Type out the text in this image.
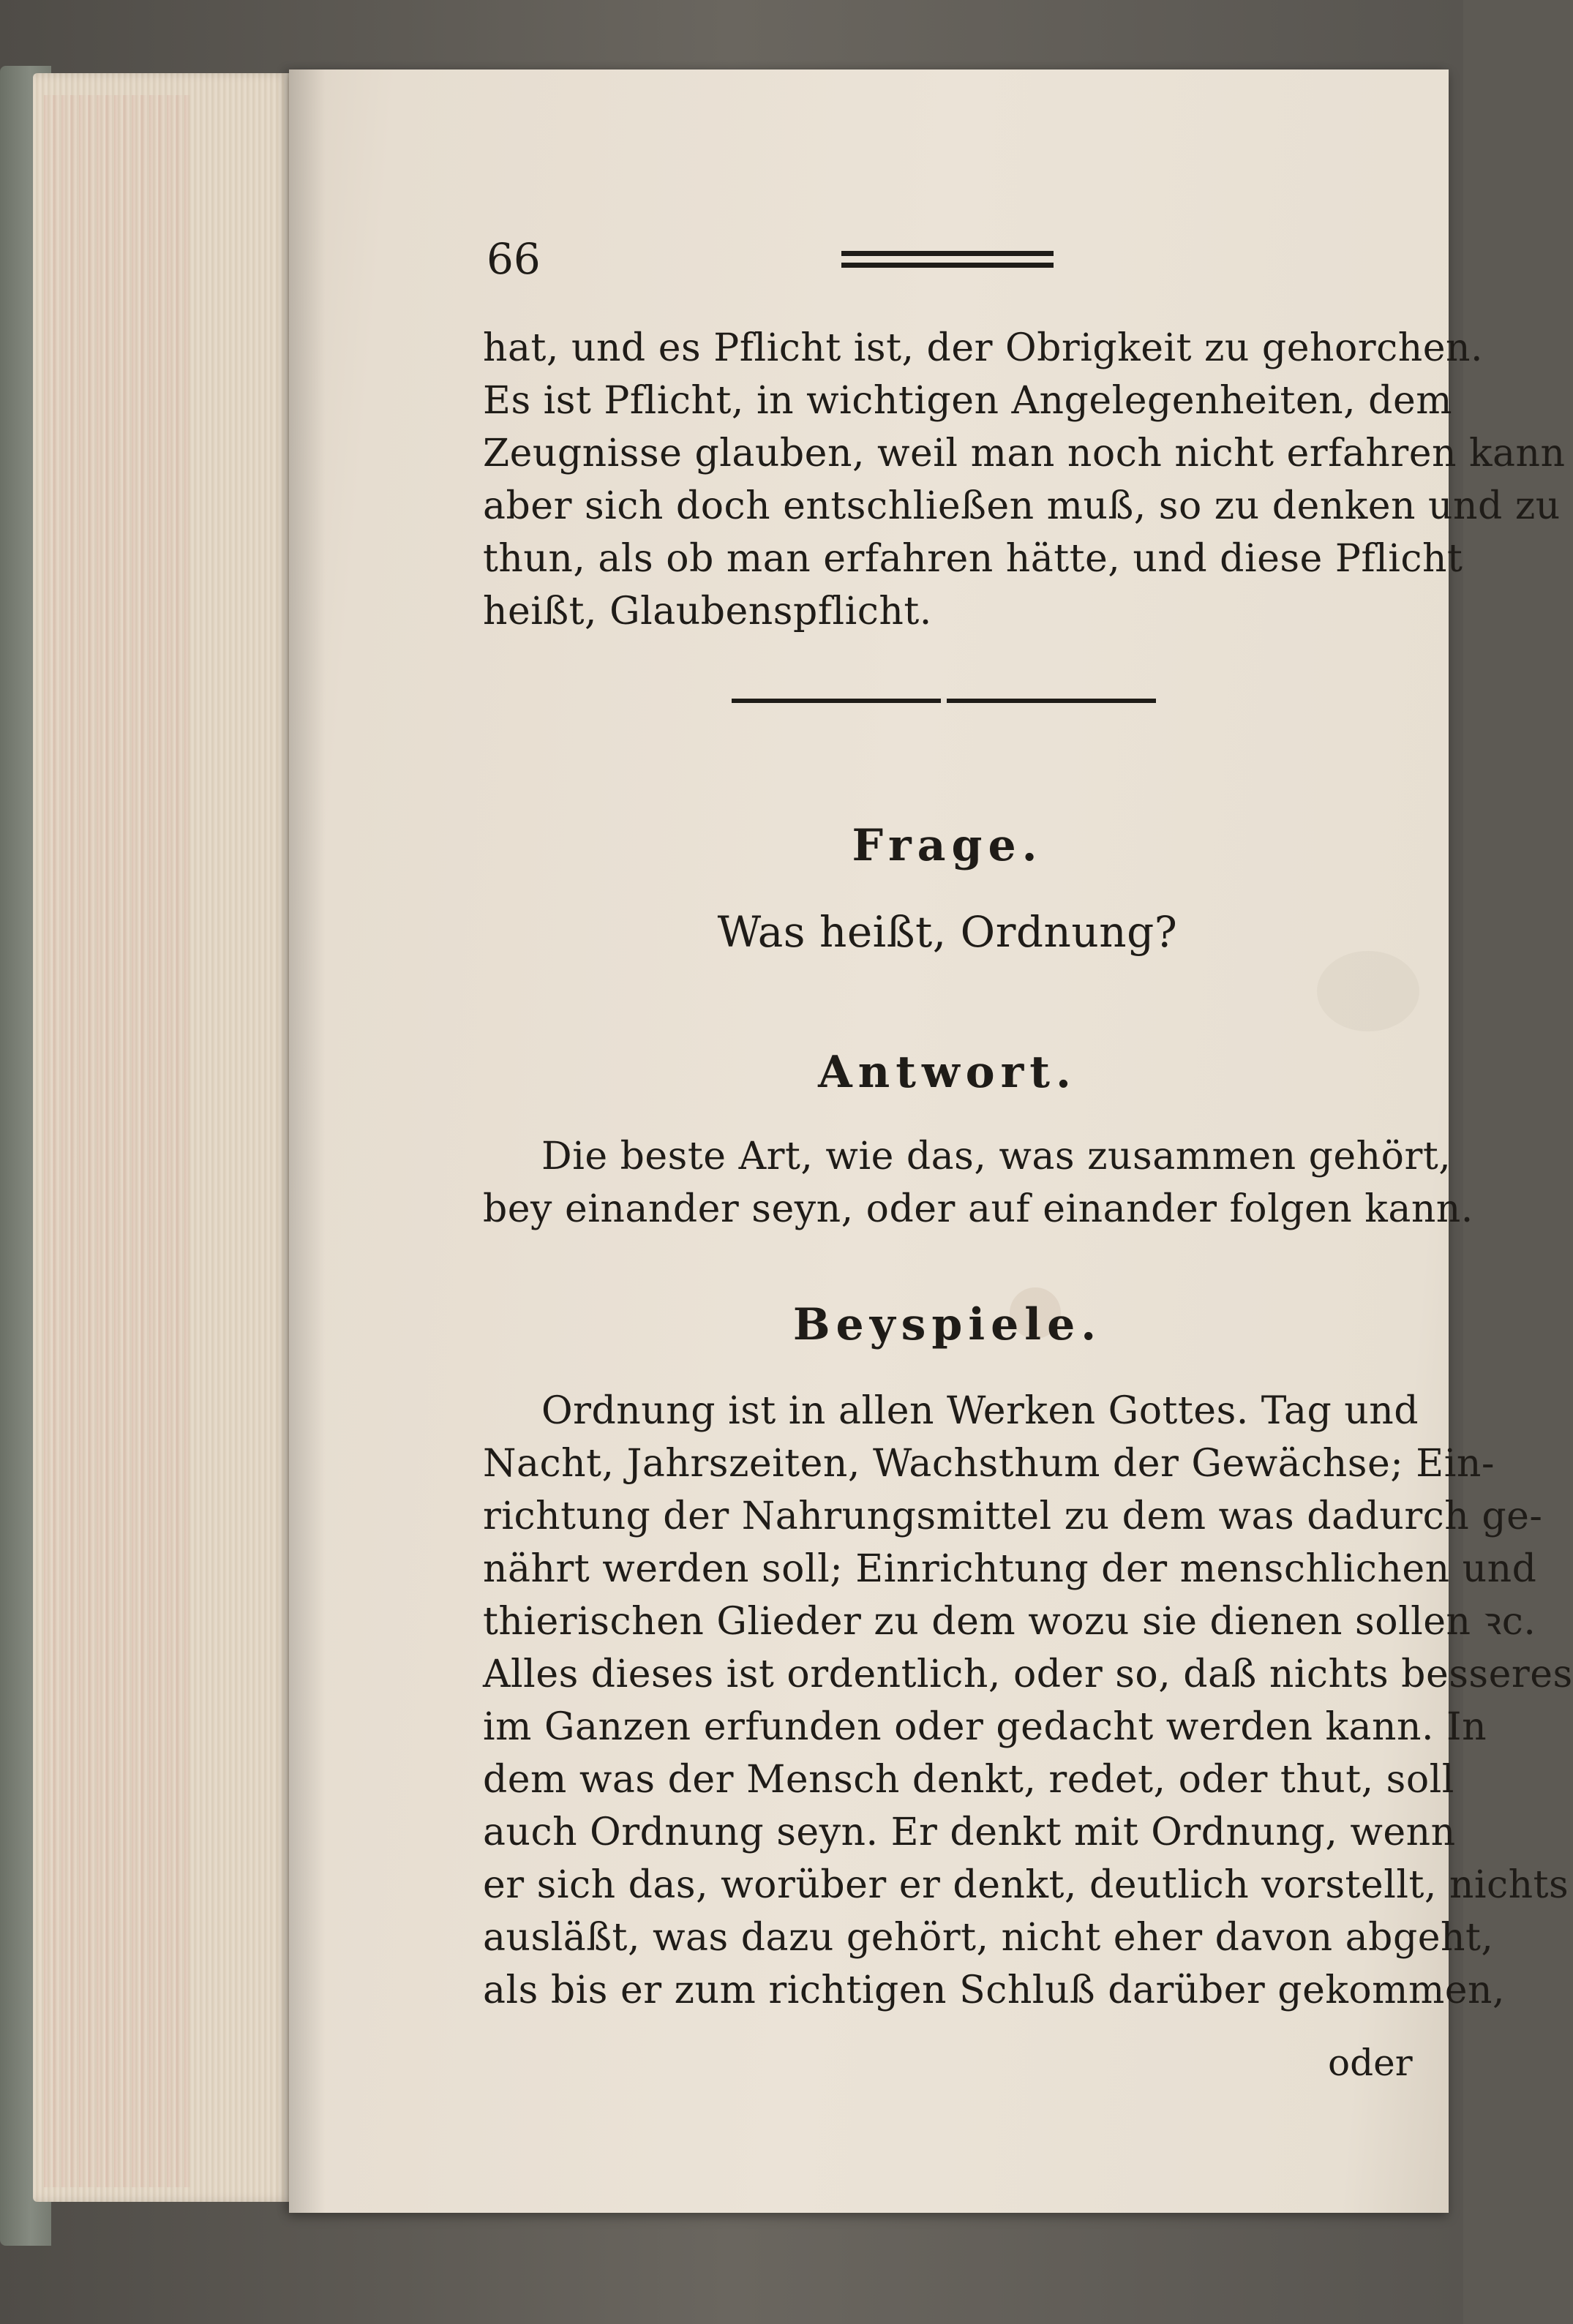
66

hat, und es Pflicht ist, der Obrigkeit zu gehorchen.

Es ist Pflicht, in wichtigen Angelegenheiten, dem

Zeugnisse glauben, weil man noch nicht erfahren kann

aber sich doch entschließen muß, so zu denken und zu

thun, als ob man erfahren hätte, und diese Pflicht

heißt, Glaubenspflicht.

Frage.

Was heißt, Ordnung?

Antwort.

Die beste Art, wie das, was zusammen gehört,

bey einander seyn, oder auf einander folgen kann.

Beyspiele.

Ordnung ist in allen Werken Gottes. Tag und

Nacht, Jahrszeiten, Wachsthum der Gewächse; Ein-

richtung der Nahrungsmittel zu dem was dadurch ge-

nährt werden soll; Einrichtung der menschlichen und

thierischen Glieder zu dem wozu sie dienen sollen ꝛc.

Alles dieses ist ordentlich, oder so, daß nichts besseres

im Ganzen erfunden oder gedacht werden kann. In

dem was der Mensch denkt, redet, oder thut, soll

auch Ordnung seyn. Er denkt mit Ordnung, wenn

er sich das, worüber er denkt, deutlich vorstellt, nichts

ausläßt, was dazu gehört, nicht eher davon abgeht,

als bis er zum richtigen Schluß darüber gekommen,

oder
